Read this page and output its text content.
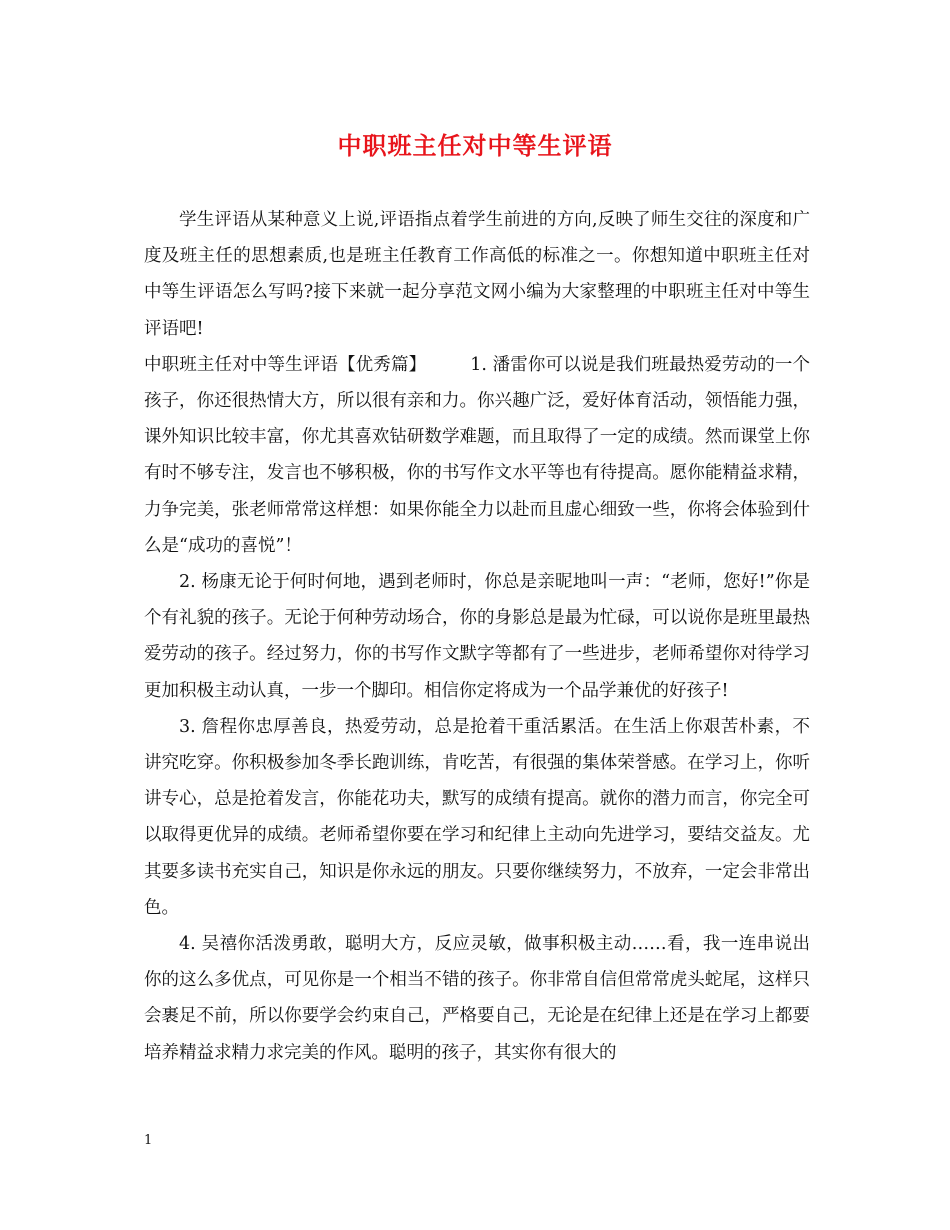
中职班主任对中等生评语

学生评语从某种意义上说,评语指点着学生前进的方向,反映了师生交往的深度和广度及班主任的思想素质,也是班主任教育工作高低的标准之一。你想知道中职班主任对中等生评语怎么写吗?接下来就一起分享范文网小编为大家整理的中职班主任对中等生评语吧!

中职班主任对中等生评语【优秀篇】	1. 潘雷你可以说是我们班最热爱劳动的一个孩子，你还很热情大方，所以很有亲和力。你兴趣广泛，爱好体育活动，领悟能力强，课外知识比较丰富，你尤其喜欢钻研数学难题，而且取得了一定的成绩。然而课堂上你有时不够专注，发言也不够积极，你的书写作文水平等也有待提高。愿你能精益求精，力争完美，张老师常常这样想：如果你能全力以赴而且虚心细致一些，你将会体验到什么是“成功的喜悦”！

2. 杨康无论于何时何地，遇到老师时，你总是亲昵地叫一声：“老师，您好!”你是个有礼貌的孩子。无论于何种劳动场合，你的身影总是最为忙碌，可以说你是班里最热爱劳动的孩子。经过努力，你的书写作文默字等都有了一些进步，老师希望你对待学习更加积极主动认真，一步一个脚印。相信你定将成为一个品学兼优的好孩子!

3. 詹程你忠厚善良，热爱劳动，总是抢着干重活累活。在生活上你艰苦朴素，不讲究吃穿。你积极参加冬季长跑训练，肯吃苦，有很强的集体荣誉感。在学习上，你听讲专心，总是抢着发言，你能花功夫，默写的成绩有提高。就你的潜力而言，你完全可以取得更优异的成绩。老师希望你要在学习和纪律上主动向先进学习，要结交益友。尤其要多读书充实自己，知识是你永远的朋友。只要你继续努力，不放弃，一定会非常出色。

4. 吴禧你活泼勇敢，聪明大方，反应灵敏，做事积极主动……看，我一连串说出你的这么多优点，可见你是一个相当不错的孩子。你非常自信但常常虎头蛇尾，这样只会裹足不前，所以你要学会约束自己，严格要自己，无论是在纪律上还是在学习上都要培养精益求精力求完美的作风。聪明的孩子，其实你有很大的

1
